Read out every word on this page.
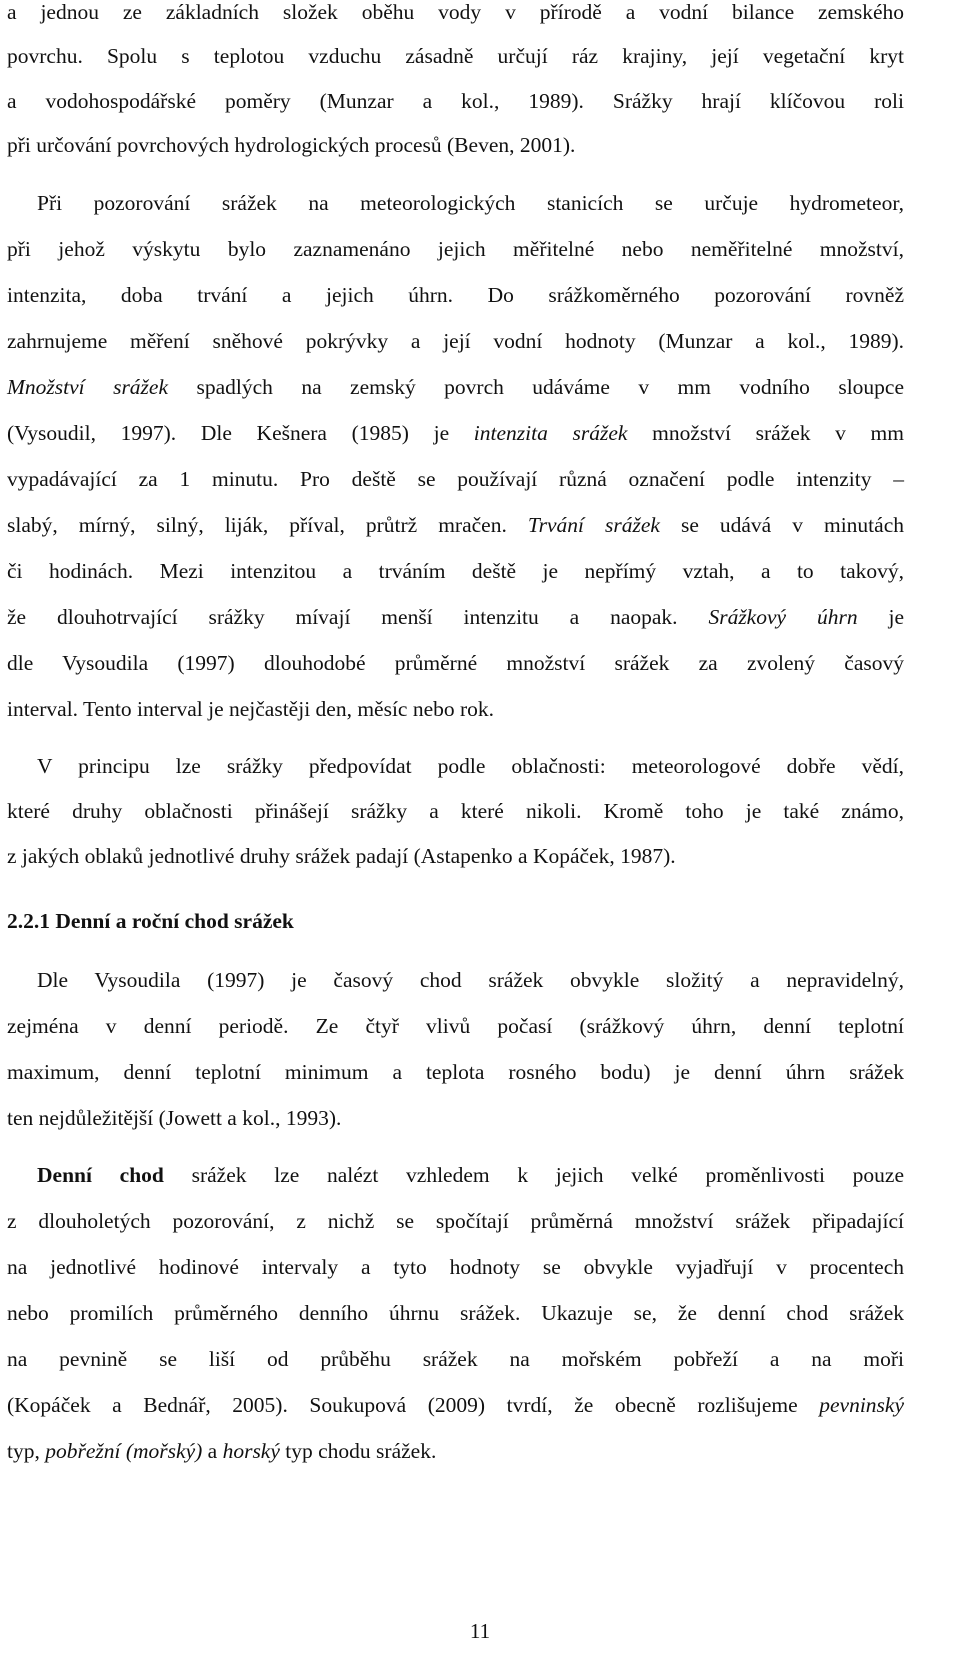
a jednou ze základních složek oběhu vody v přírodě a vodní bilance zemského
povrchu. Spolu s teplotou vzduchu zásadně určují ráz krajiny, její vegetační kryt
a vodohospodářské poměry (Munzar a kol., 1989). Srážky hrají klíčovou roli
při určování povrchových hydrologických procesů (Beven, 2001).
Při pozorování srážek na meteorologických stanicích se určuje hydrometeor,
při jehož výskytu bylo zaznamenáno jejich měřitelné nebo neměřitelné množství,
intenzita, doba trvání a jejich úhrn. Do srážkoměrného pozorování rovněž
zahrnujeme měření sněhové pokrývky a její vodní hodnoty (Munzar a kol., 1989).
Množství srážek spadlých na zemský povrch udáváme v mm vodního sloupce
(Vysoudil, 1997). Dle Kešnera (1985) je intenzita srážek množství srážek v mm
vypadávající za 1 minutu. Pro deště se používají různá označení podle intenzity –
slabý, mírný, silný, liják, příval, průtrž mračen. Trvání srážek se udává v minutách
či hodinách. Mezi intenzitou a trváním deště je nepřímý vztah, a to takový,
že dlouhotrvající srážky mívají menší intenzitu a naopak. Srážkový úhrn je
dle Vysoudila (1997) dlouhodobé průměrné množství srážek za zvolený časový
interval. Tento interval je nejčastěji den, měsíc nebo rok.
V principu lze srážky předpovídat podle oblačnosti: meteorologové dobře vědí,
které druhy oblačnosti přinášejí srážky a které nikoli. Kromě toho je také známo,
z jakých oblaků jednotlivé druhy srážek padají (Astapenko a Kopáček, 1987).
2.2.1 Denní a roční chod srážek
Dle Vysoudila (1997) je časový chod srážek obvykle složitý a nepravidelný,
zejména v denní periodě. Ze čtyř vlivů počasí (srážkový úhrn, denní teplotní
maximum, denní teplotní minimum a teplota rosného bodu) je denní úhrn srážek
ten nejdůležitější (Jowett a kol., 1993).
Denní chod srážek lze nalézt vzhledem k jejich velké proměnlivosti pouze
z dlouholetých pozorování, z nichž se spočítají průměrná množství srážek připadající
na jednotlivé hodinové intervaly a tyto hodnoty se obvykle vyjadřují v procentech
nebo promilích průměrného denního úhrnu srážek. Ukazuje se, že denní chod srážek
na pevnině se liší od průběhu srážek na mořském pobřeží a na moři
(Kopáček a Bednář, 2005). Soukupová (2009) tvrdí, že obecně rozlišujeme pevninský
typ, pobřežní (mořský) a horský typ chodu srážek.
11
